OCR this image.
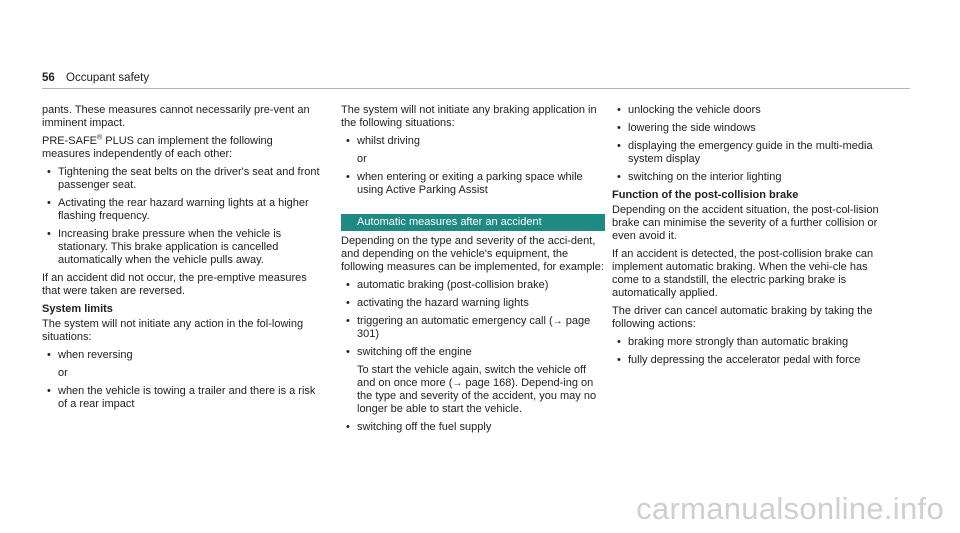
56 Occupant safety

pants. These measures cannot necessarily pre-vent an imminent impact.

PRE-SAFE® PLUS can implement the following measures independently of each other:

• Tightening the seat belts on the driver's seat and front passenger seat.
• Activating the rear hazard warning lights at a higher flashing frequency.
• Increasing brake pressure when the vehicle is stationary. This brake application is cancelled automatically when the vehicle pulls away.

If an accident did not occur, the pre-emptive measures that were taken are reversed.

System limits

The system will not initiate any action in the fol-lowing situations:

• when reversing
or
• when the vehicle is towing a trailer and there is a risk of a rear impact

The system will not initiate any braking application in the following situations:

• whilst driving
or
• when entering or exiting a parking space while using Active Parking Assist
Automatic measures after an accident

Depending on the type and severity of the acci-dent, and depending on the vehicle's equipment, the following measures can be implemented, for example:

• automatic braking (post-collision brake)
• activating the hazard warning lights
• triggering an automatic emergency call (→ page 301)
• switching off the engine
To start the vehicle again, switch the vehicle off and on once more (→ page 168). Depend-ing on the type and severity of the accident, you may no longer be able to start the vehicle.
• switching off the fuel supply
• unlocking the vehicle doors
• lowering the side windows
• displaying the emergency guide in the multi-media system display
• switching on the interior lighting
Function of the post-collision brake

Depending on the accident situation, the post-col-lision brake can minimise the severity of a further collision or even avoid it.

If an accident is detected, the post-collision brake can implement automatic braking. When the vehi-cle has come to a standstill, the electric parking brake is automatically applied.

The driver can cancel automatic braking by taking the following actions:

• braking more strongly than automatic braking
• fully depressing the accelerator pedal with force
carmanualsonline.info
